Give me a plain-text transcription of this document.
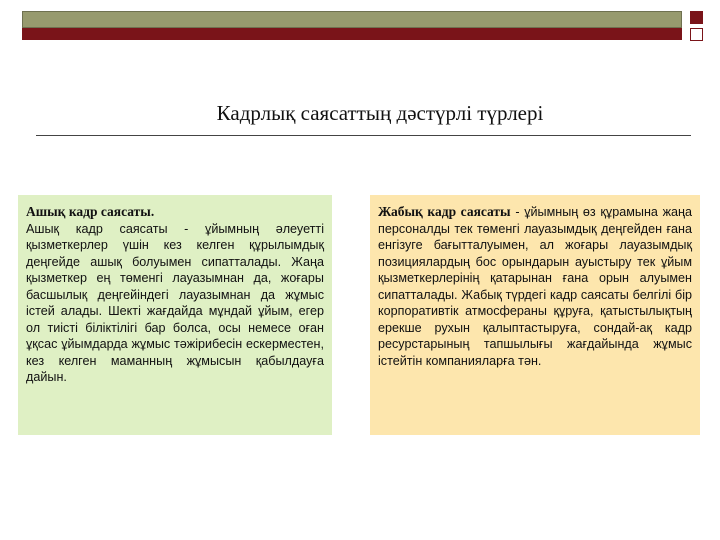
Кадрлық саясаттың дәстүрлі түрлері
Ашық кадр саясаты.
Ашық кадр саясаты - ұйымның әлеуетті қызметкерлер үшін кез келген құрылымдық деңгейде ашық болуымен сипатталады. Жаңа қызметкер ең төменгі лауазымнан да, жоғары басшылық деңгейіндегі лауазымнан да жұмыс істей алады. Шекті жағдайда мұндай ұйым, егер ол тиісті біліктілігі бар болса, осы немесе оған ұқсас ұйымдарда жұмыс тәжірибесін ескерместен, кез келген маманның жұмысын қабылдауға дайын.
Жабық кадр саясаты - ұйымның өз құрамына жаңа персоналды тек төменгі лауазымдық деңгейден ғана енгізуге бағытталуымен, ал жоғары лауазымдық позициялардың бос орындарын ауыстыру тек ұйым қызметкерлерінің қатарынан ғана орын алуымен сипатталады. Жабық түрдегі кадр саясаты белгілі бір корпоративтік атмосфераны құруға, қатыстылықтың ерекше рухын қалыптастыруға, сондай-ақ кадр ресурстарының тапшылығы жағдайында жұмыс істейтін компанияларға тән.
